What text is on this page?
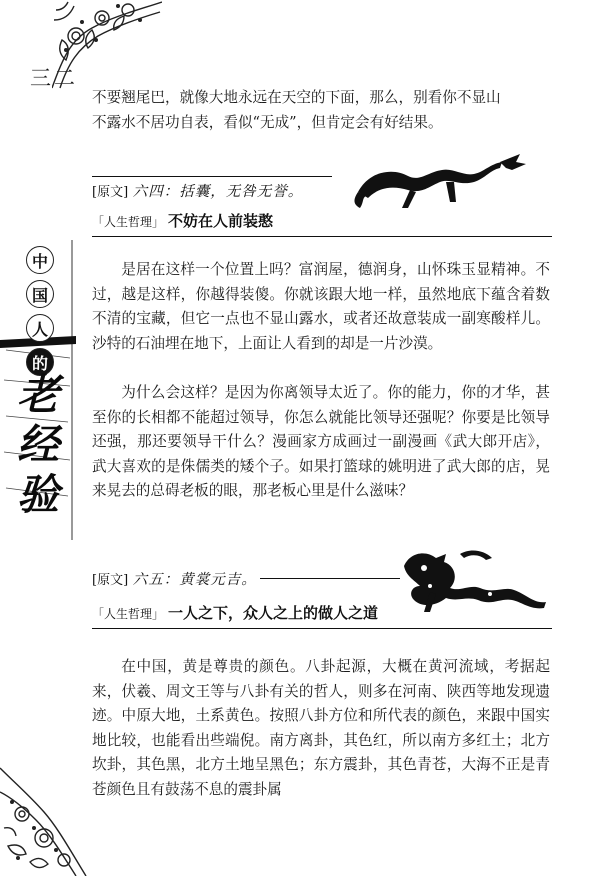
三二
中
国
人
的
老
经
验

不要翘尾巴，就像大地永远在天空的下面，那么，别看你不显山
不露水不居功自表，看似“无成”，但肯定会有好结果。

[原文] 六四：括囊，无咎无誉。
「人生哲理」 不妨在人前装憨

是居在这样一个位置上吗？富润屋，德润身，山怀珠玉显精神。不过，越是这样，你越得装傻。你就该跟大地一样，虽然地底下蕴含着数不清的宝藏，但它一点也不显山露水，或者还故意装成一副寒酸样儿。沙特的石油埋在地下，上面让人看到的却是一片沙漠。

为什么会这样？是因为你离领导太近了。你的能力，你的才华，甚至你的长相都不能超过领导，你怎么就能比领导还强呢？你要是比领导还强，那还要领导干什么？漫画家方成画过一副漫画《武大郎开店》，武大喜欢的是侏儒类的矮个子。如果打篮球的姚明进了武大郎的店，晃来晃去的总碍老板的眼，那老板心里是什么滋味？

[原文] 六五：黄裳元吉。
「人生哲理」 一人之下，众人之上的做人之道

在中国，黄是尊贵的颜色。八卦起源，大概在黄河流域，考据起来，伏羲、周文王等与八卦有关的哲人，则多在河南、陕西等地发现遗迹。中原大地，土系黄色。按照八卦方位和所代表的颜色，来跟中国实地比较，也能看出些端倪。南方离卦，其色红，所以南方多红土；北方坎卦，其色黑，北方土地呈黑色；东方震卦，其色青苍，大海不正是青苍颜色且有鼓荡不息的震卦属
